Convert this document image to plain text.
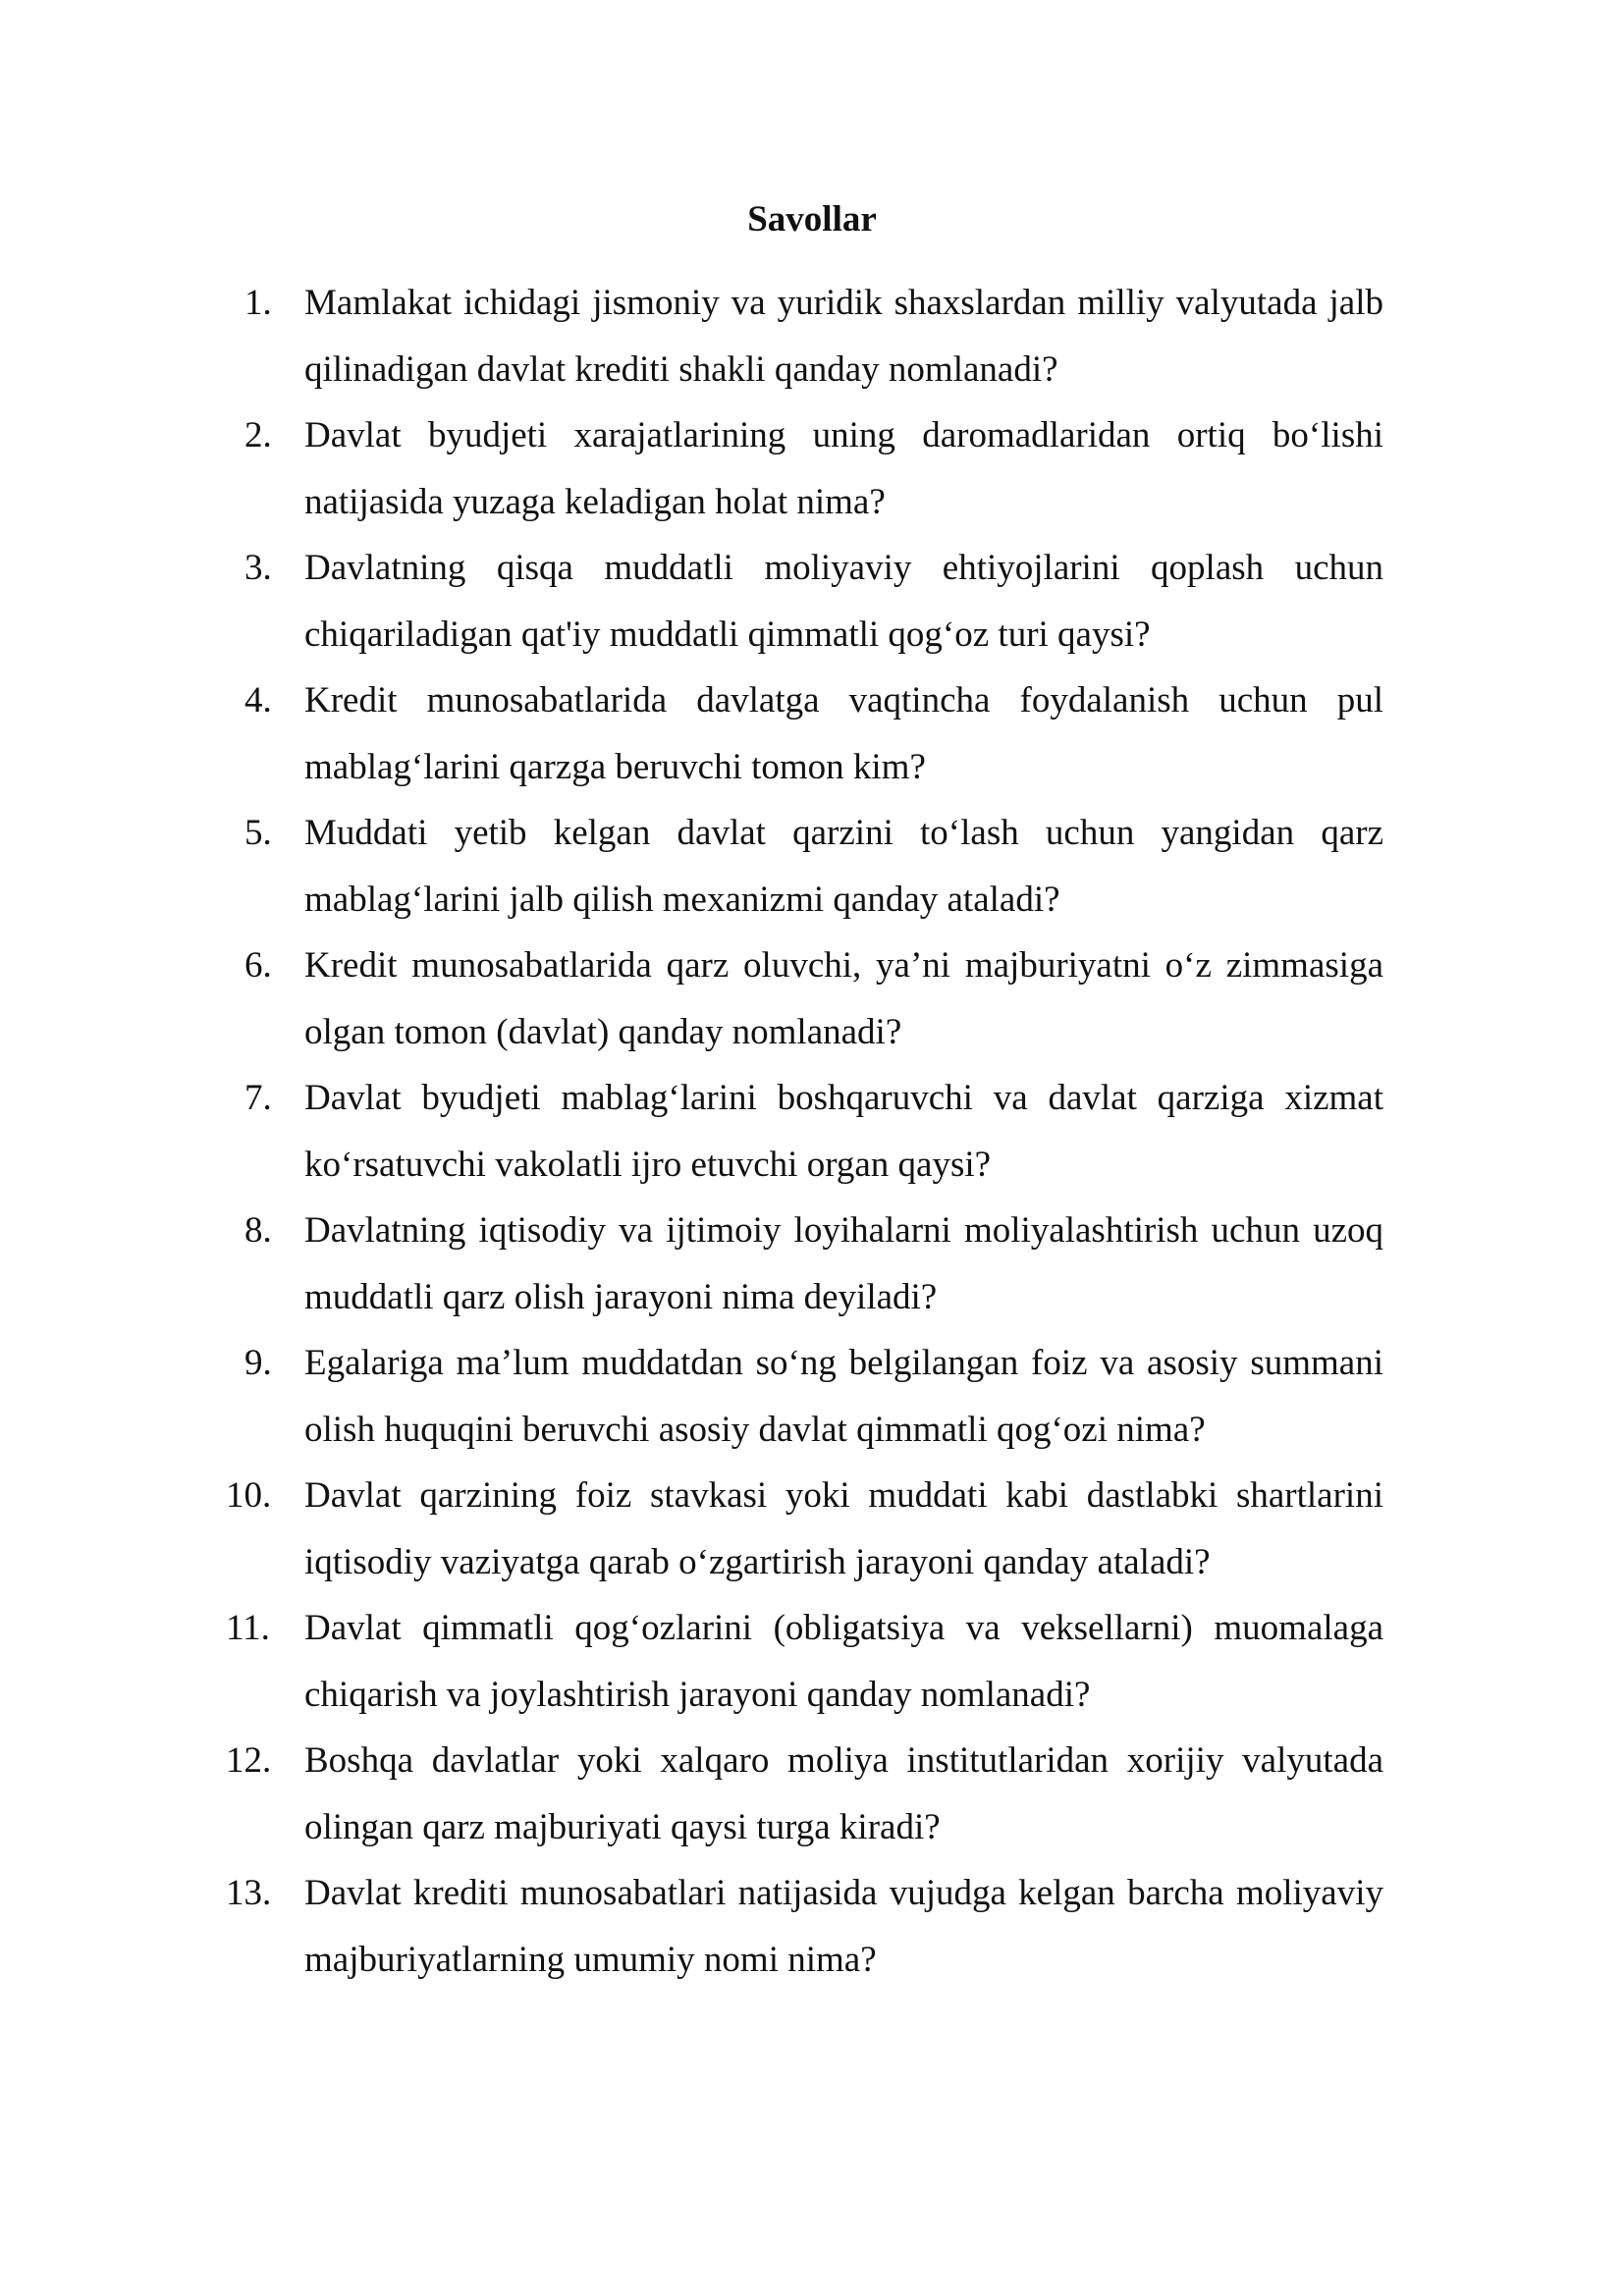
Savollar
1. Mamlakat ichidagi jismoniy va yuridik shaxslardan milliy valyutada jalb qilinadigan davlat krediti shakli qanday nomlanadi?
2. Davlat byudjeti xarajatlarining uning daromadlaridan ortiq bo‘lishi natijasida yuzaga keladigan holat nima?
3. Davlatning qisqa muddatli moliyaviy ehtiyojlarini qoplash uchun chiqariladigan qat'iy muddatli qimmatli qog‘oz turi qaysi?
4. Kredit munosabatlarida davlatga vaqtincha foydalanish uchun pul mablag‘larini qarzga beruvchi tomon kim?
5. Muddati yetib kelgan davlat qarzini to‘lash uchun yangidan qarz mablag‘larini jalb qilish mexanizmi qanday ataladi?
6. Kredit munosabatlarida qarz oluvchi, ya’ni majburiyatni o‘z zimmasiga olgan tomon (davlat) qanday nomlanadi?
7. Davlat byudjeti mablag‘larini boshqaruvchi va davlat qarziga xizmat ko‘rsatuvchi vakolatli ijro etuvchi organ qaysi?
8. Davlatning iqtisodiy va ijtimoiy loyihalarni moliyalashtirish uchun uzoq muddatli qarz olish jarayoni nima deyiladi?
9. Egalariga ma’lum muddatdan so‘ng belgilangan foiz va asosiy summani olish huquqini beruvchi asosiy davlat qimmatli qog‘ozi nima?
10. Davlat qarzining foiz stavkasi yoki muddati kabi dastlabki shartlarini iqtisodiy vaziyatga qarab o‘zgartirish jarayoni qanday ataladi?
11. Davlat qimmatli qog‘ozlarini (obligatsiya va veksellarni) muomalaga chiqarish va joylashtirish jarayoni qanday nomlanadi?
12. Boshqa davlatlar yoki xalqaro moliya institutlaridan xorijiy valyutada olingan qarz majburiyati qaysi turga kiradi?
13. Davlat krediti munosabatlari natijasida vujudga kelgan barcha moliyaviy majburiyatlarning umumiy nomi nima?
